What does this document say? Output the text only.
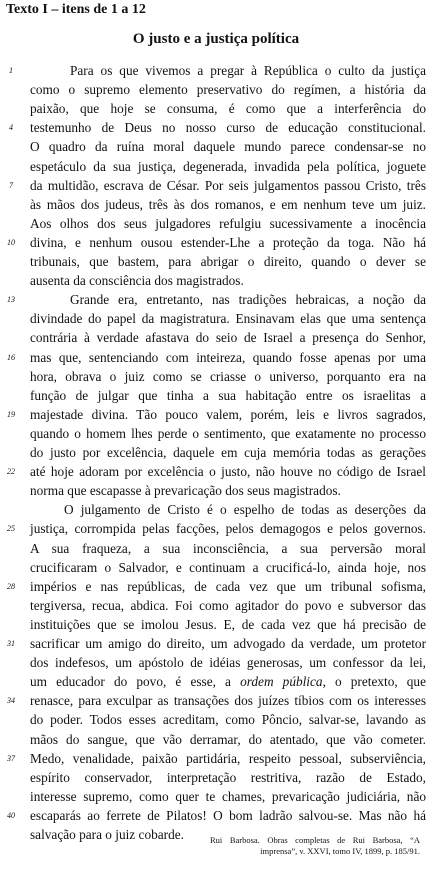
Texto I – itens de 1 a 12
O justo e a justiça política
Para os que vivemos a pregar à República o culto da justiça
1
como o supremo elemento preservativo do regímen, a história da
paixão, que hoje se consuma, é como que a interferência do
testemunho de Deus no nosso curso de educação constitucional.
4
O quadro da ruína moral daquele mundo parece condensar-se no
espetáculo da sua justiça, degenerada, invadida pela política, joguete
da multidão, escrava de César. Por seis julgamentos passou Cristo, três
7
às mãos dos judeus, três às dos romanos, e em nenhum teve um juiz.
Aos olhos dos seus julgadores refulgiu sucessivamente a inocência
divina, e nenhum ousou estender-Lhe a proteção da toga. Não há
10
tribunais, que bastem, para abrigar o direito, quando o dever se
ausenta da consciência dos magistrados.
Grande era, entretanto, nas tradições hebraicas, a noção da
13
divindade do papel da magistratura. Ensinavam elas que uma sentença
contrária à verdade afastava do seio de Israel a presença do Senhor,
mas que, sentenciando com inteireza, quando fosse apenas por uma
16
hora, obrava o juiz como se criasse o universo, porquanto era na
função de julgar que tinha a sua habitação entre os israelitas a
majestade divina. Tão pouco valem, porém, leis e livros sagrados,
19
quando o homem lhes perde o sentimento, que exatamente no processo
do justo por excelência, daquele em cuja memória todas as gerações
até hoje adoram por excelência o justo, não houve no código de Israel
22
norma que escapasse à prevaricação dos seus magistrados.
O julgamento de Cristo é o espelho de todas as deserções da
justiça, corrompida pelas facções, pelos demagogos e pelos governos.
25
A sua fraqueza, a sua inconsciência, a sua perversão moral
crucificaram o Salvador, e continuam a crucificá-lo, ainda hoje, nos
impérios e nas repúblicas, de cada vez que um tribunal sofisma,
28
tergiversa, recua, abdica. Foi como agitador do povo e subversor das
instituições que se imolou Jesus. E, de cada vez que há precisão de
sacrificar um amigo do direito, um advogado da verdade, um protetor
31
dos indefesos, um apóstolo de idéias generosas, um confessor da lei,
um educador do povo, é esse, a ordem pública, o pretexto, que
renasce, para exculpar as transações dos juízes tíbios com os interesses
34
do poder. Todos esses acreditam, como Pôncio, salvar-se, lavando as
mãos do sangue, que vão derramar, do atentado, que vão cometer.
Medo, venalidade, paixão partidária, respeito pessoal, subserviência,
37
espírito conservador, interpretação restritiva, razão de Estado,
interesse supremo, como quer te chames, prevaricação judiciária, não
escaparás ao ferrete de Pilatos! O bom ladrão salvou-se. Mas não há
40
salvação para o juiz cobarde.	Rui Barbosa. Obras completas de Rui Barbosa, “A imprensa”, v. XXVI, tomo IV, 1899, p. 185/91.
